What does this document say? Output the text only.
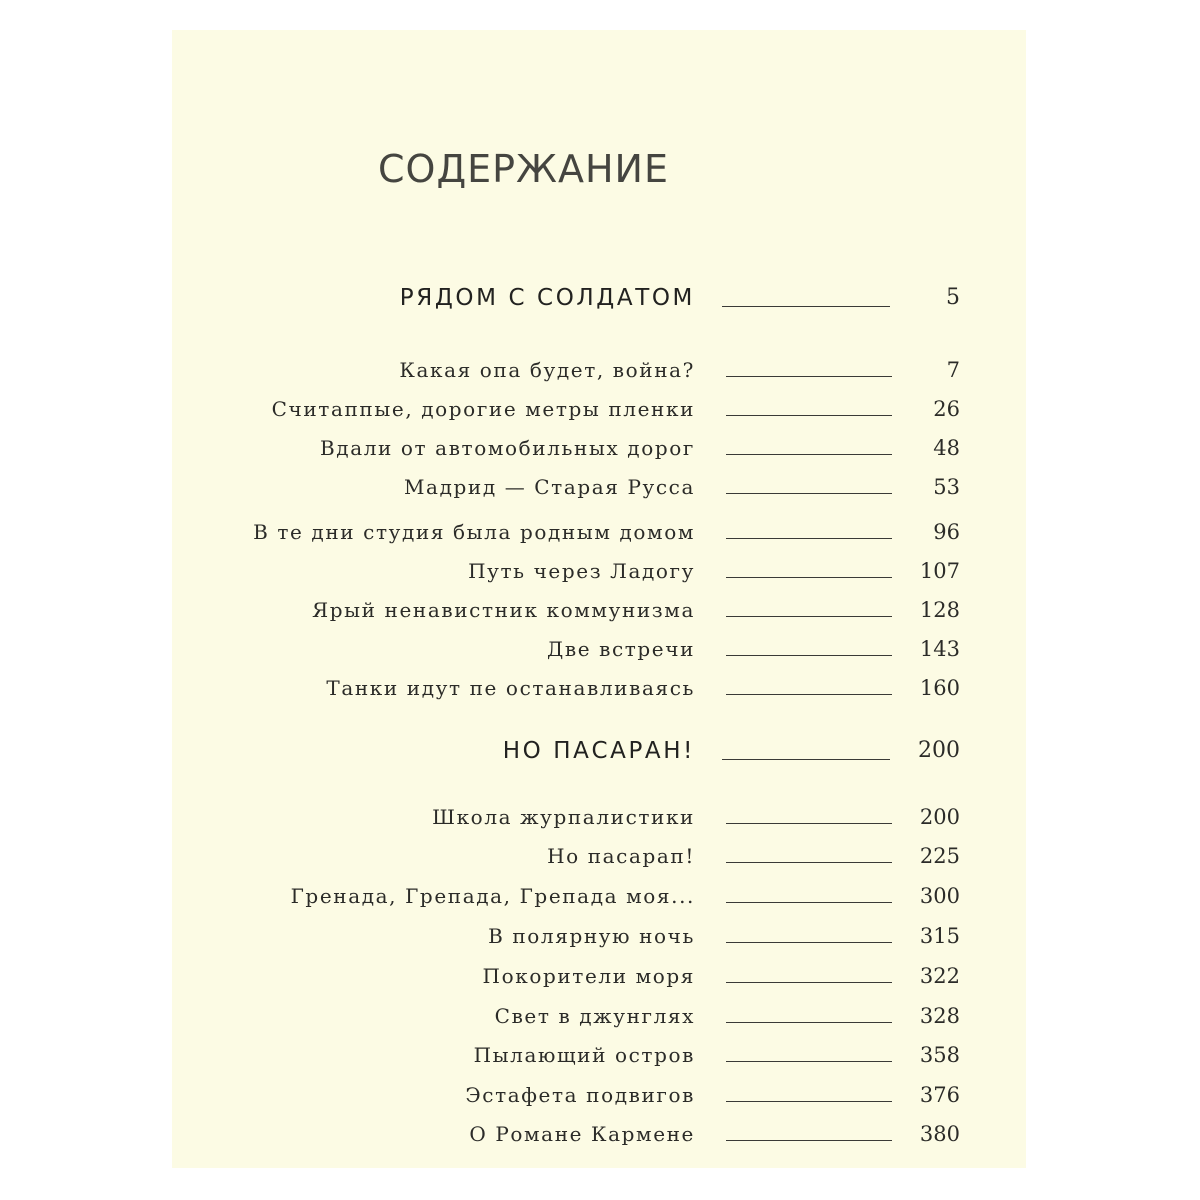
СОДЕРЖАНИЕ
РЯДОМ С СОЛДАТОМ	5
Какая опа будет, война?	7
Считаппые, дорогие метры пленки	26
Вдали от автомобильных дорог	48
Мадрид — Старая Русса	53
В те дни студия была родным домом	96
Путь через Ладогу	107
Ярый ненавистник коммунизма	128
Две встречи	143
Танки идут пе останавливаясь	160
НО ПАСАРАН!	200
Школа журпалистики	200
Но пасарап!	225
Гренада, Грепада, Грепада моя...	300
В полярную ночь	315
Покорители моря	322
Свет в джунглях	328
Пылающий остров	358
Эстафета подвигов	376
О Романе Кармене	380
